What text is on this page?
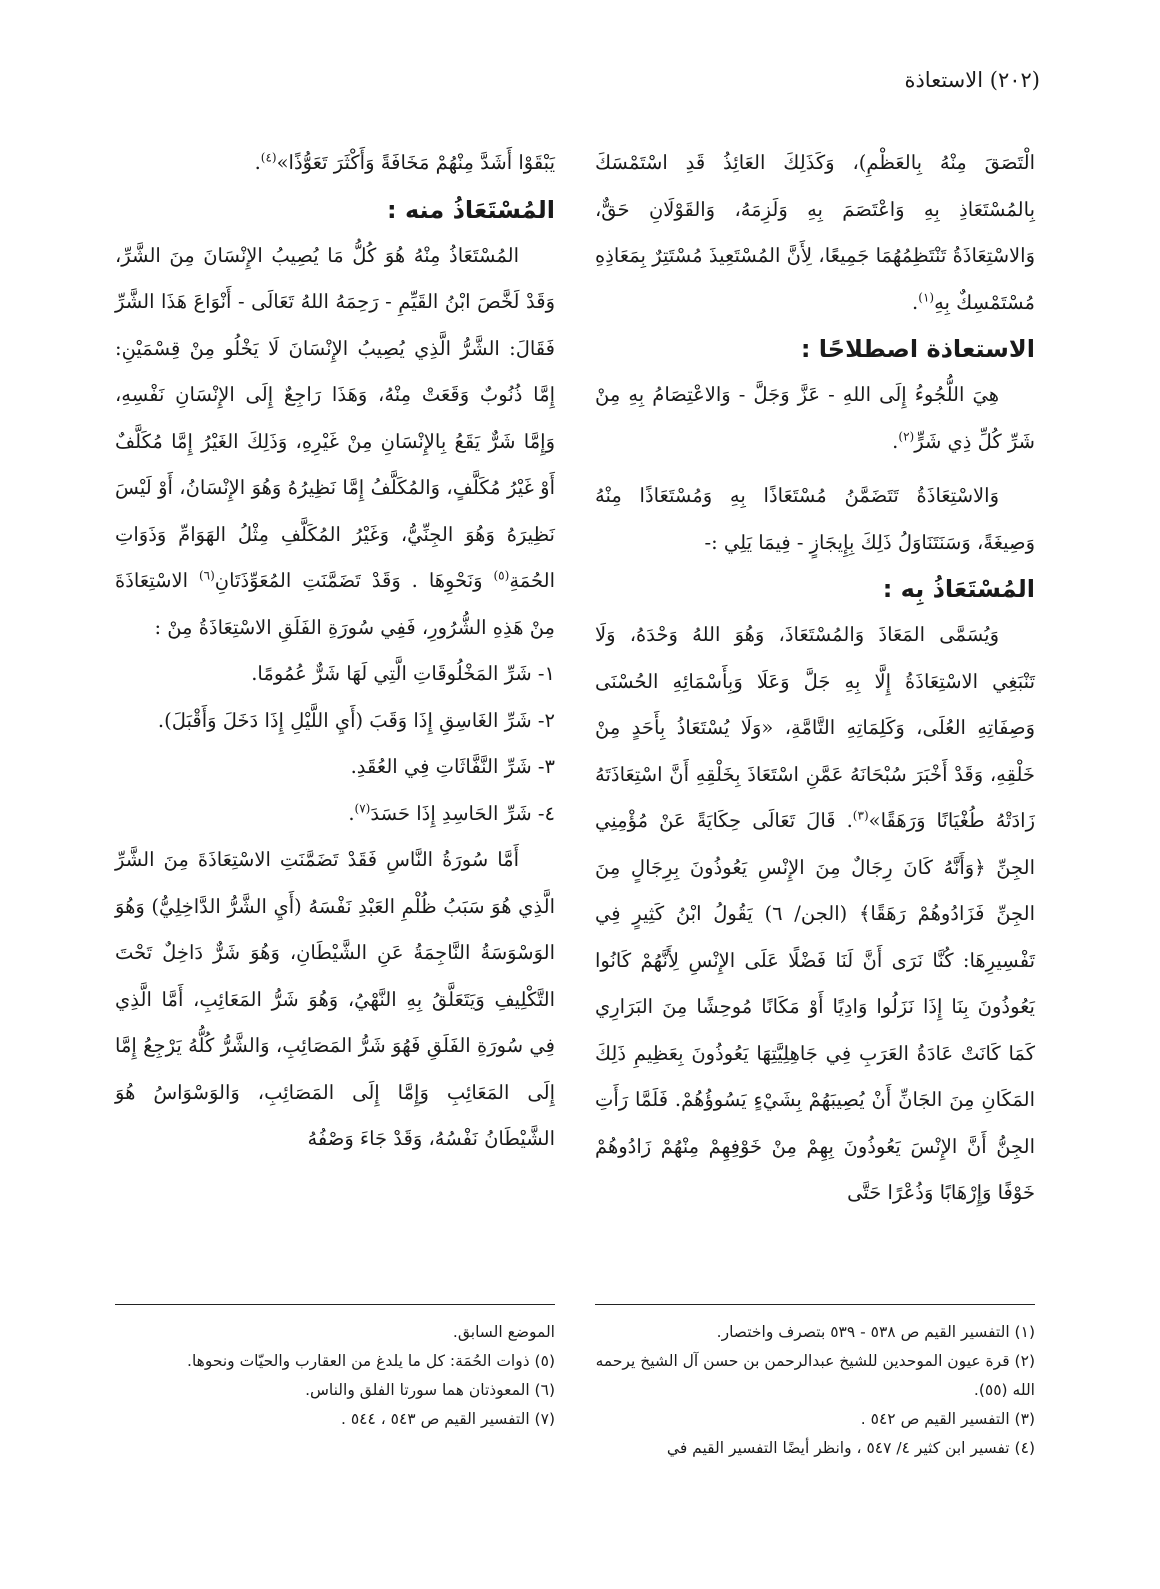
(٢٠٢) الاستعاذة

الْتَصَقَ مِنْهُ بِالعَظْمِ)، وَكَذَلِكَ العَائِذُ قَدِ اسْتَمْسَكَ بِالمُسْتَعَاذِ بِهِ وَاعْتَصَمَ بِهِ وَلَزِمَهُ، وَالقَوْلَانِ حَقٌّ، وَالاسْتِعَاذَةُ تَنْتَظِمُهُمَا جَمِيعًا، لِأَنَّ المُسْتَعِيذَ مُسْتَتِرٌ بِمَعَاذِهِ مُسْتَمْسِكٌ بِهِ$^{(١)}$.

الاستعاذة اصطلاحًا :

هِيَ اللُّجُوءُ إِلَى اللهِ - عَزَّ وَجَلَّ - وَالاعْتِصَامُ بِهِ مِنْ شَرِّ كُلِّ ذِي شَرٍّ$^{(٢)}$.

وَالاسْتِعَاذَةُ تَتَضَمَّنُ مُسْتَعَاذًا بِهِ وَمُسْتَعَاذًا مِنْهُ وَصِيغَةً، وَسَنَتَنَاوَلُ ذَلِكَ بِإِيجَازٍ - فِيمَا يَلِي :-

المُسْتَعَاذُ بِه :

وَيُسَمَّى المَعَاذَ وَالمُسْتَعَاذَ، وَهُوَ اللهُ وَحْدَهُ، وَلَا تَنْبَغِي الاسْتِعَاذَةُ إِلَّا بِهِ جَلَّ وَعَلَا وَبِأَسْمَائِهِ الحُسْنَى وَصِفَاتِهِ العُلَى، وَكَلِمَاتِهِ التَّامَّةِ، «وَلَا يُسْتَعَاذُ بِأَحَدٍ مِنْ خَلْقِهِ، وَقَدْ أَخْبَرَ سُبْحَانَهُ عَمَّنِ اسْتَعَاذَ بِخَلْقِهِ أَنَّ اسْتِعَاذَتَهُ زَادَتْهُ طُغْيَانًا وَرَهَقًا»$^{(٣)}$. قَالَ تَعَالَى حِكَايَةً عَنْ مُؤْمِنِي الجِنِّ ﴿وَأَنَّهُ كَانَ رِجَالٌ مِنَ الإِنْسِ يَعُوذُونَ بِرِجَالٍ مِنَ الجِنِّ فَزَادُوهُمْ رَهَقًا﴾ (الجن/ ٦) يَقُولُ ابْنُ كَثِيرٍ فِي تَفْسِيرِهَا: كُنَّا نَرَى أَنَّ لَنَا فَضْلًا عَلَى الإِنْسِ لِأَنَّهُمْ كَانُوا يَعُوذُونَ بِنَا إِذَا نَزَلُوا وَادِيًا أَوْ مَكَانًا مُوحِشًا مِنَ البَرَارِي كَمَا كَانَتْ عَادَةُ العَرَبِ فِي جَاهِلِيَّتِهَا يَعُوذُونَ بِعَظِيمِ ذَلِكَ المَكَانِ مِنَ الجَانِّ أَنْ يُصِيبَهُمْ بِشَيْءٍ يَسُوؤُهُمْ. فَلَمَّا رَأَتِ الجِنُّ أَنَّ الإِنْسَ يَعُوذُونَ بِهِمْ مِنْ خَوْفِهِمْ مِنْهُمْ زَادُوهُمْ خَوْفًا وَإِرْهَابًا وَذُعْرًا حَتَّى

يَبْقَوْا أَشَدَّ مِنْهُمْ مَخَافَةً وَأَكْثَرَ تَعَوُّذًا»$^{(٤)}$.

المُسْتَعَاذُ منه :

المُسْتَعَاذُ مِنْهُ هُوَ كُلُّ مَا يُصِيبُ الإِنْسَانَ مِنَ الشَّرِّ، وَقَدْ لَخَّصَ ابْنُ القَيِّمِ - رَحِمَهُ اللهُ تَعَالَى - أَنْوَاعَ هَذَا الشَّرِّ فَقَالَ: الشَّرُّ الَّذِي يُصِيبُ الإِنْسَانَ لَا يَخْلُو مِنْ قِسْمَيْنِ: إِمَّا ذُنُوبٌ وَقَعَتْ مِنْهُ، وَهَذَا رَاجِعٌ إِلَى الإِنْسَانِ نَفْسِهِ، وَإِمَّا شَرٌّ يَقَعُ بِالإِنْسَانِ مِنْ غَيْرِهِ، وَذَلِكَ الغَيْرُ إِمَّا مُكَلَّفٌ أَوْ غَيْرُ مُكَلَّفٍ، وَالمُكَلَّفُ إِمَّا نَظِيرُهُ وَهُوَ الإِنْسَانُ، أَوْ لَيْسَ نَظِيرَهُ وَهُوَ الجِنِّيُّ، وَغَيْرُ المُكَلَّفِ مِثْلُ الهَوَامِّ وَذَوَاتِ الحُمَةِ$^{(٥)}$ وَنَحْوِهَا . وَقَدْ تَضَمَّنَتِ المُعَوِّذَتَانِ$^{(٦)}$ الاسْتِعَاذَةَ مِنْ هَذِهِ الشُّرُورِ، فَفِي سُورَةِ الفَلَقِ الاسْتِعَاذَةُ مِنْ :

١- شَرِّ المَخْلُوقَاتِ الَّتِي لَهَا شَرٌّ عُمُومًا.

٢- شَرِّ الغَاسِقِ إِذَا وَقَبَ (أَيِ اللَّيْلِ إِذَا دَخَلَ وَأَقْبَلَ).

٣- شَرِّ النَّفَّاثَاتِ فِي العُقَدِ.

٤- شَرِّ الحَاسِدِ إِذَا حَسَدَ$^{(٧)}$.

أَمَّا سُورَةُ النَّاسِ فَقَدْ تَضَمَّنَتِ الاسْتِعَاذَةَ مِنَ الشَّرِّ الَّذِي هُوَ سَبَبُ ظُلْمِ العَبْدِ نَفْسَهُ (أَيِ الشَّرُّ الدَّاخِلِيُّ) وَهُوَ الوَسْوَسَةُ النَّاجِمَةُ عَنِ الشَّيْطَانِ، وَهُوَ شَرٌّ دَاخِلٌ تَحْتَ التَّكْلِيفِ وَيَتَعَلَّقُ بِهِ النَّهْيُ، وَهُوَ شَرُّ المَعَائِبِ، أَمَّا الَّذِي فِي سُورَةِ الفَلَقِ فَهُوَ شَرُّ المَصَائِبِ، وَالشَّرُّ كُلُّهُ يَرْجِعُ إِمَّا إِلَى المَعَائِبِ وَإِمَّا إِلَى المَصَائِبِ، وَالوَسْوَاسُ هُوَ الشَّيْطَانُ نَفْسُهُ، وَقَدْ جَاءَ وَصْفُهُ

(١) التفسير القيم ص ٥٣٨ - ٥٣٩ بتصرف واختصار.
(٢) قرة عيون الموحدين للشيخ عبدالرحمن بن حسن آل الشيخ يرحمه الله (٥٥).
(٣) التفسير القيم ص ٥٤٢ .
(٤) تفسير ابن كثير ٤/ ٥٤٧ ، وانظر أيضًا التفسير القيم في
الموضع السابق.
(٥) ذوات الحُمَة: كل ما يلدغ من العقارب والحيّات ونحوها.
(٦) المعوذتان هما سورتا الفلق والناس.
(٧) التفسير القيم ص ٥٤٣ ، ٥٤٤ .
